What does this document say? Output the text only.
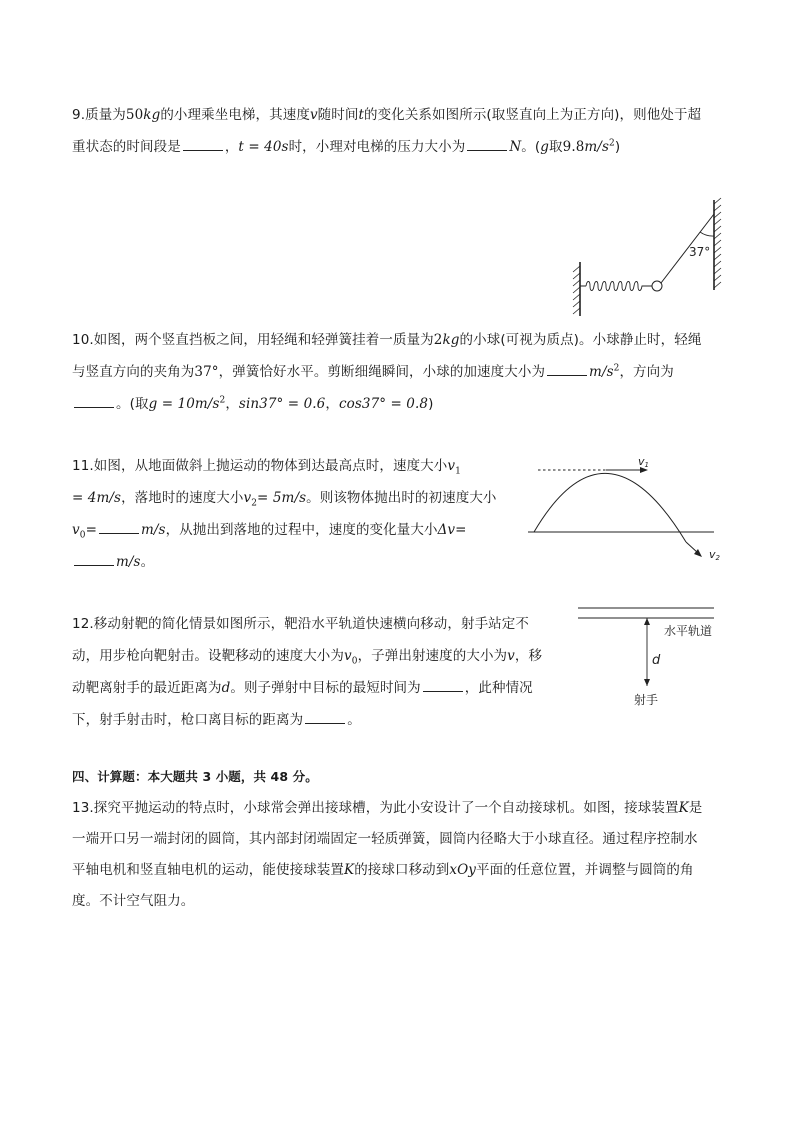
9.质量为50kg的小理乘坐电梯，其速度v随时间t的变化关系如图所示(取竖直向上为正方向)，则他处于超
重状态的时间段是	，t = 40s时，小理对电梯的压力大小为	N。(g取$9.8m/s^2$)
37°
10.如图，两个竖直挡板之间，用轻绳和轻弹簧挂着一质量为2kg的小球(可视为质点)。小球静止时，轻绳
与竖直方向的夹角为37°，弹簧恰好水平。剪断细绳瞬间，小球的加速度大小为	$m/s^2$，方向为
。(取$g = 10m/s^2$，sin37° = 0.6，cos37° = 0.8)
11.如图，从地面做斜上抛运动的物体到达最高点时，速度大小$v_1$
= 4m/s，落地时的速度大小$v_2= 5m/s$。则该物体抛出时的初速度大小
$v_0=$	m/s，从抛出到落地的过程中，速度的变化量大小Δv=
m/s。
v1
v2
12.移动射靶的简化情景如图所示，靶沿水平轨道快速横向移动，射手站定不
动，用步枪向靶射击。设靶移动的速度大小为$v_0$，子弹出射速度的大小为v，移
动靶离射手的最近距离为d。则子弹射中目标的最短时间为	，此种情况
下，射手射击时，枪口离目标的距离为	。
水平轨道
d
射手
四、计算题：本大题共 3 小题，共 48 分。
13.探究平抛运动的特点时，小球常会弹出接球槽，为此小安设计了一个自动接球机。如图，接球装置K是
一端开口另一端封闭的圆筒，其内部封闭端固定一轻质弹簧，圆筒内径略大于小球直径。通过程序控制水
平轴电机和竖直轴电机的运动，能使接球装置K的接球口移动到xOy平面的任意位置，并调整与圆筒的角
度。不计空气阻力。
